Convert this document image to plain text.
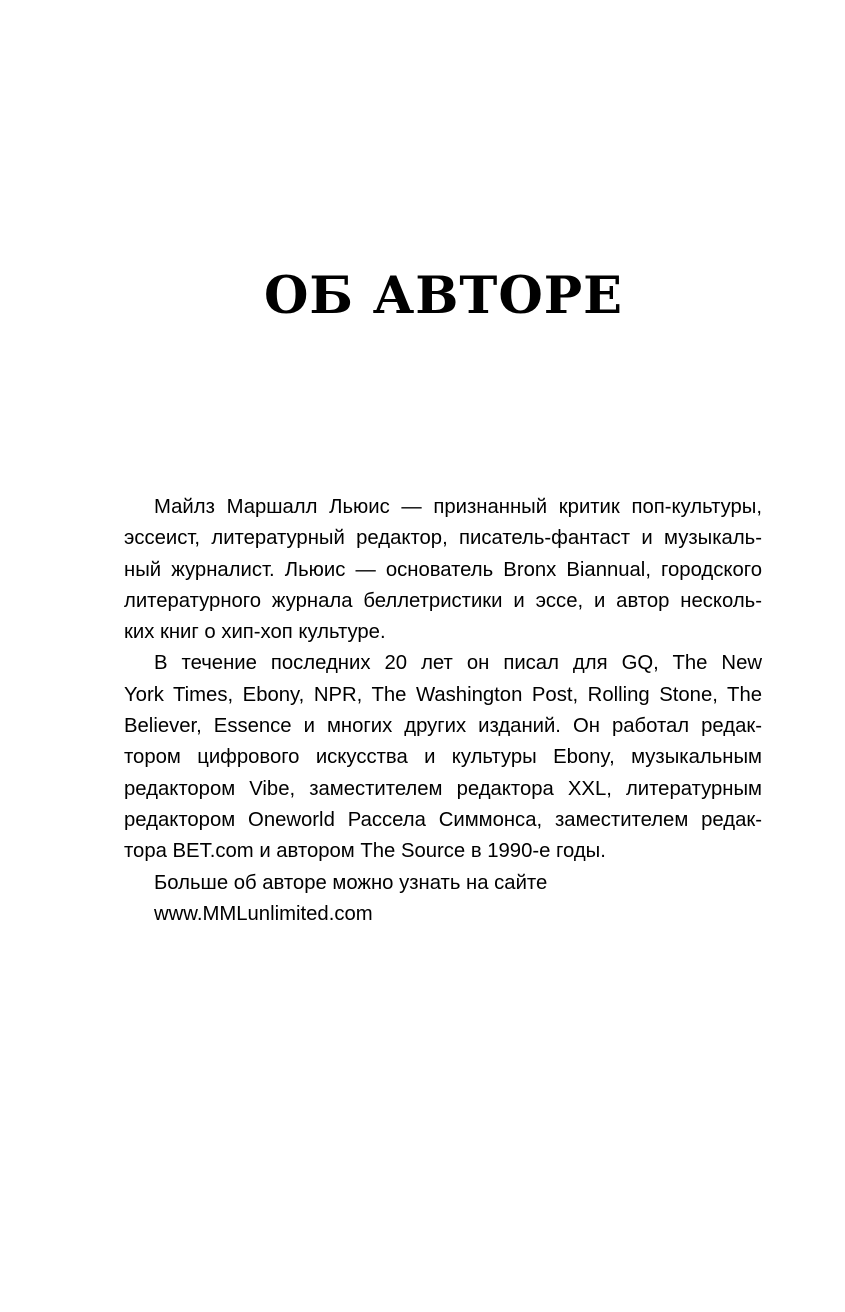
ОБ АВТОРЕ
Майлз Маршалл Льюис — признанный критик поп-культуры,
эссеист, литературный редактор, писатель-фантаст и музыкаль-
ный журналист. Льюис — основатель Bronx Biannual, городского
литературного журнала беллетристики и эссе, и автор несколь-
ких книг о хип-хоп культуре.
В течение последних 20 лет он писал для GQ, The New
York Times, Ebony, NPR, The Washington Post, Rolling Stone, The
Believer, Essence и многих других изданий. Он работал редак-
тором цифрового искусства и культуры Ebony, музыкальным
редактором Vibe, заместителем редактора XXL, литературным
редактором Oneworld Рассела Симмонса, заместителем редак-
тора BET.com и автором The Source в 1990-е годы.
Больше об авторе можно узнать на сайте
www.MMLunlimited.com
